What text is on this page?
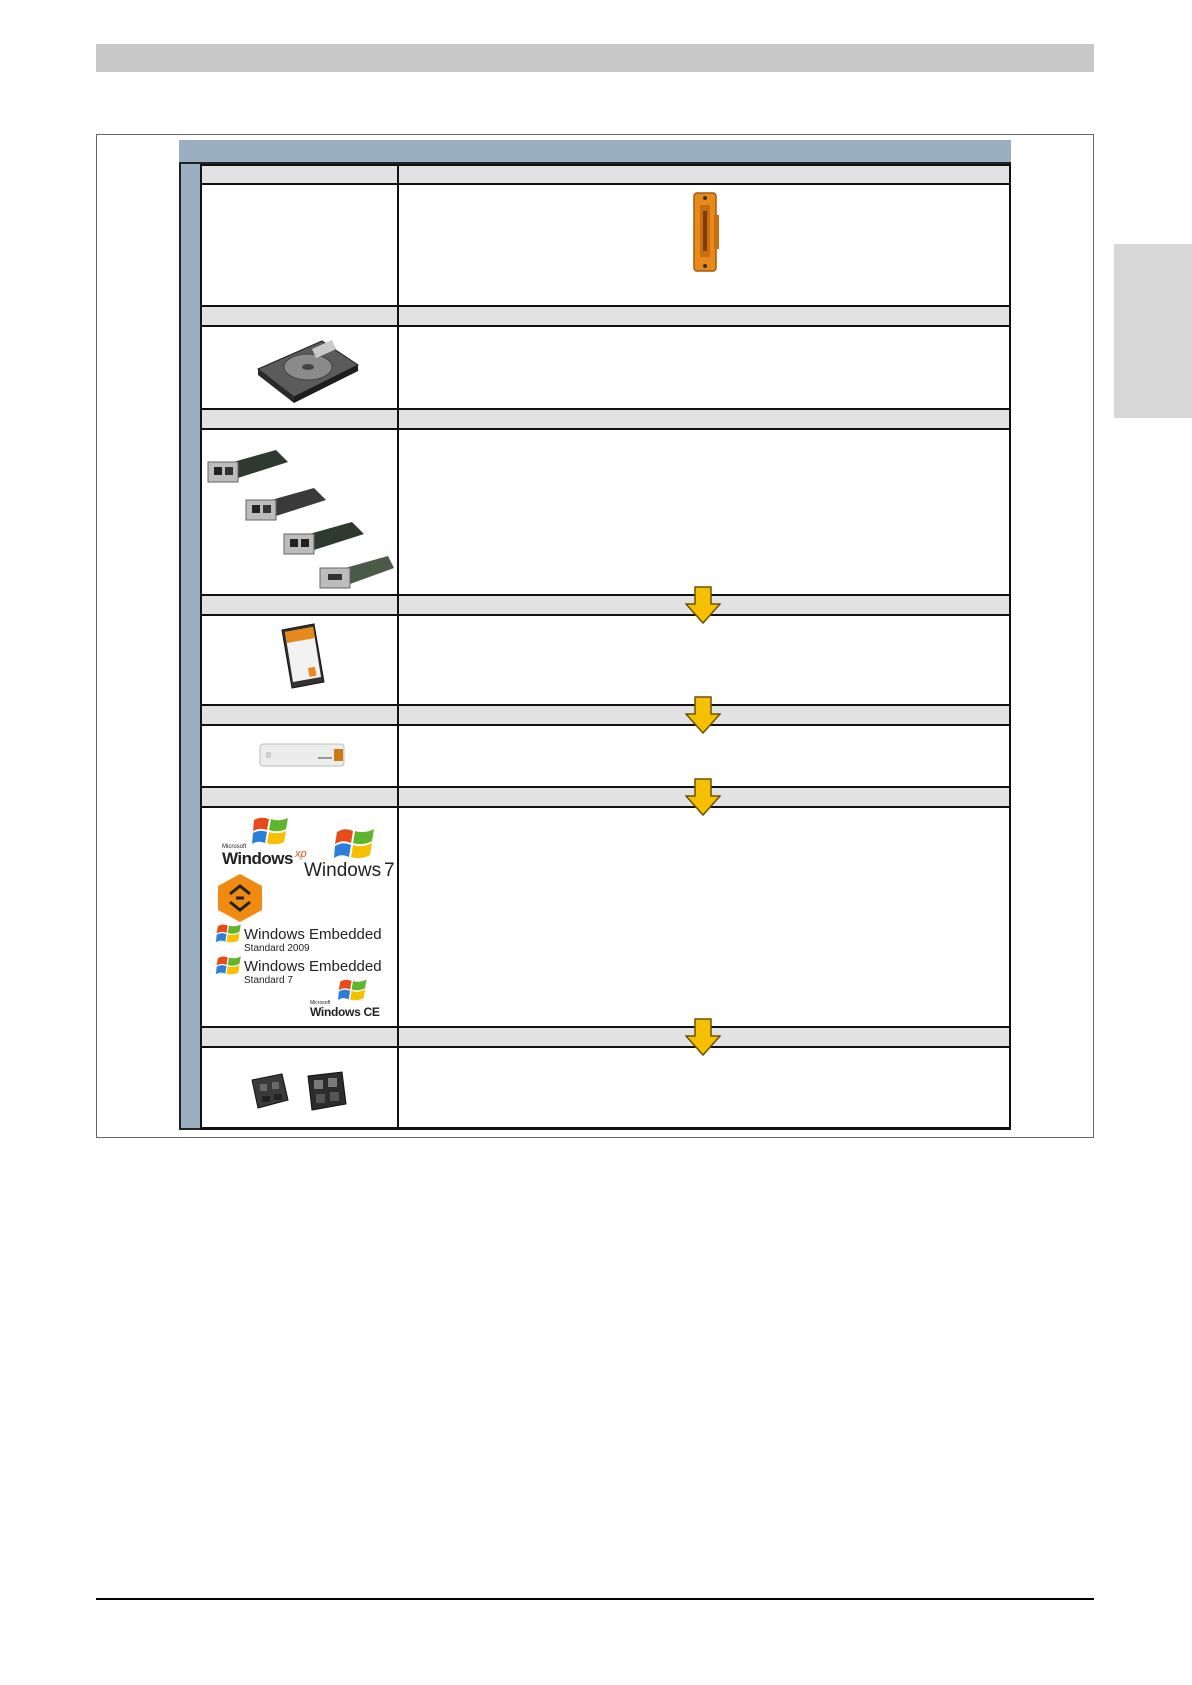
Microsoft
Windows xp
Windows 7
Windows Embedded
Standard 2009
Windows Embedded
Standard 7
Microsoft
Windows CE
